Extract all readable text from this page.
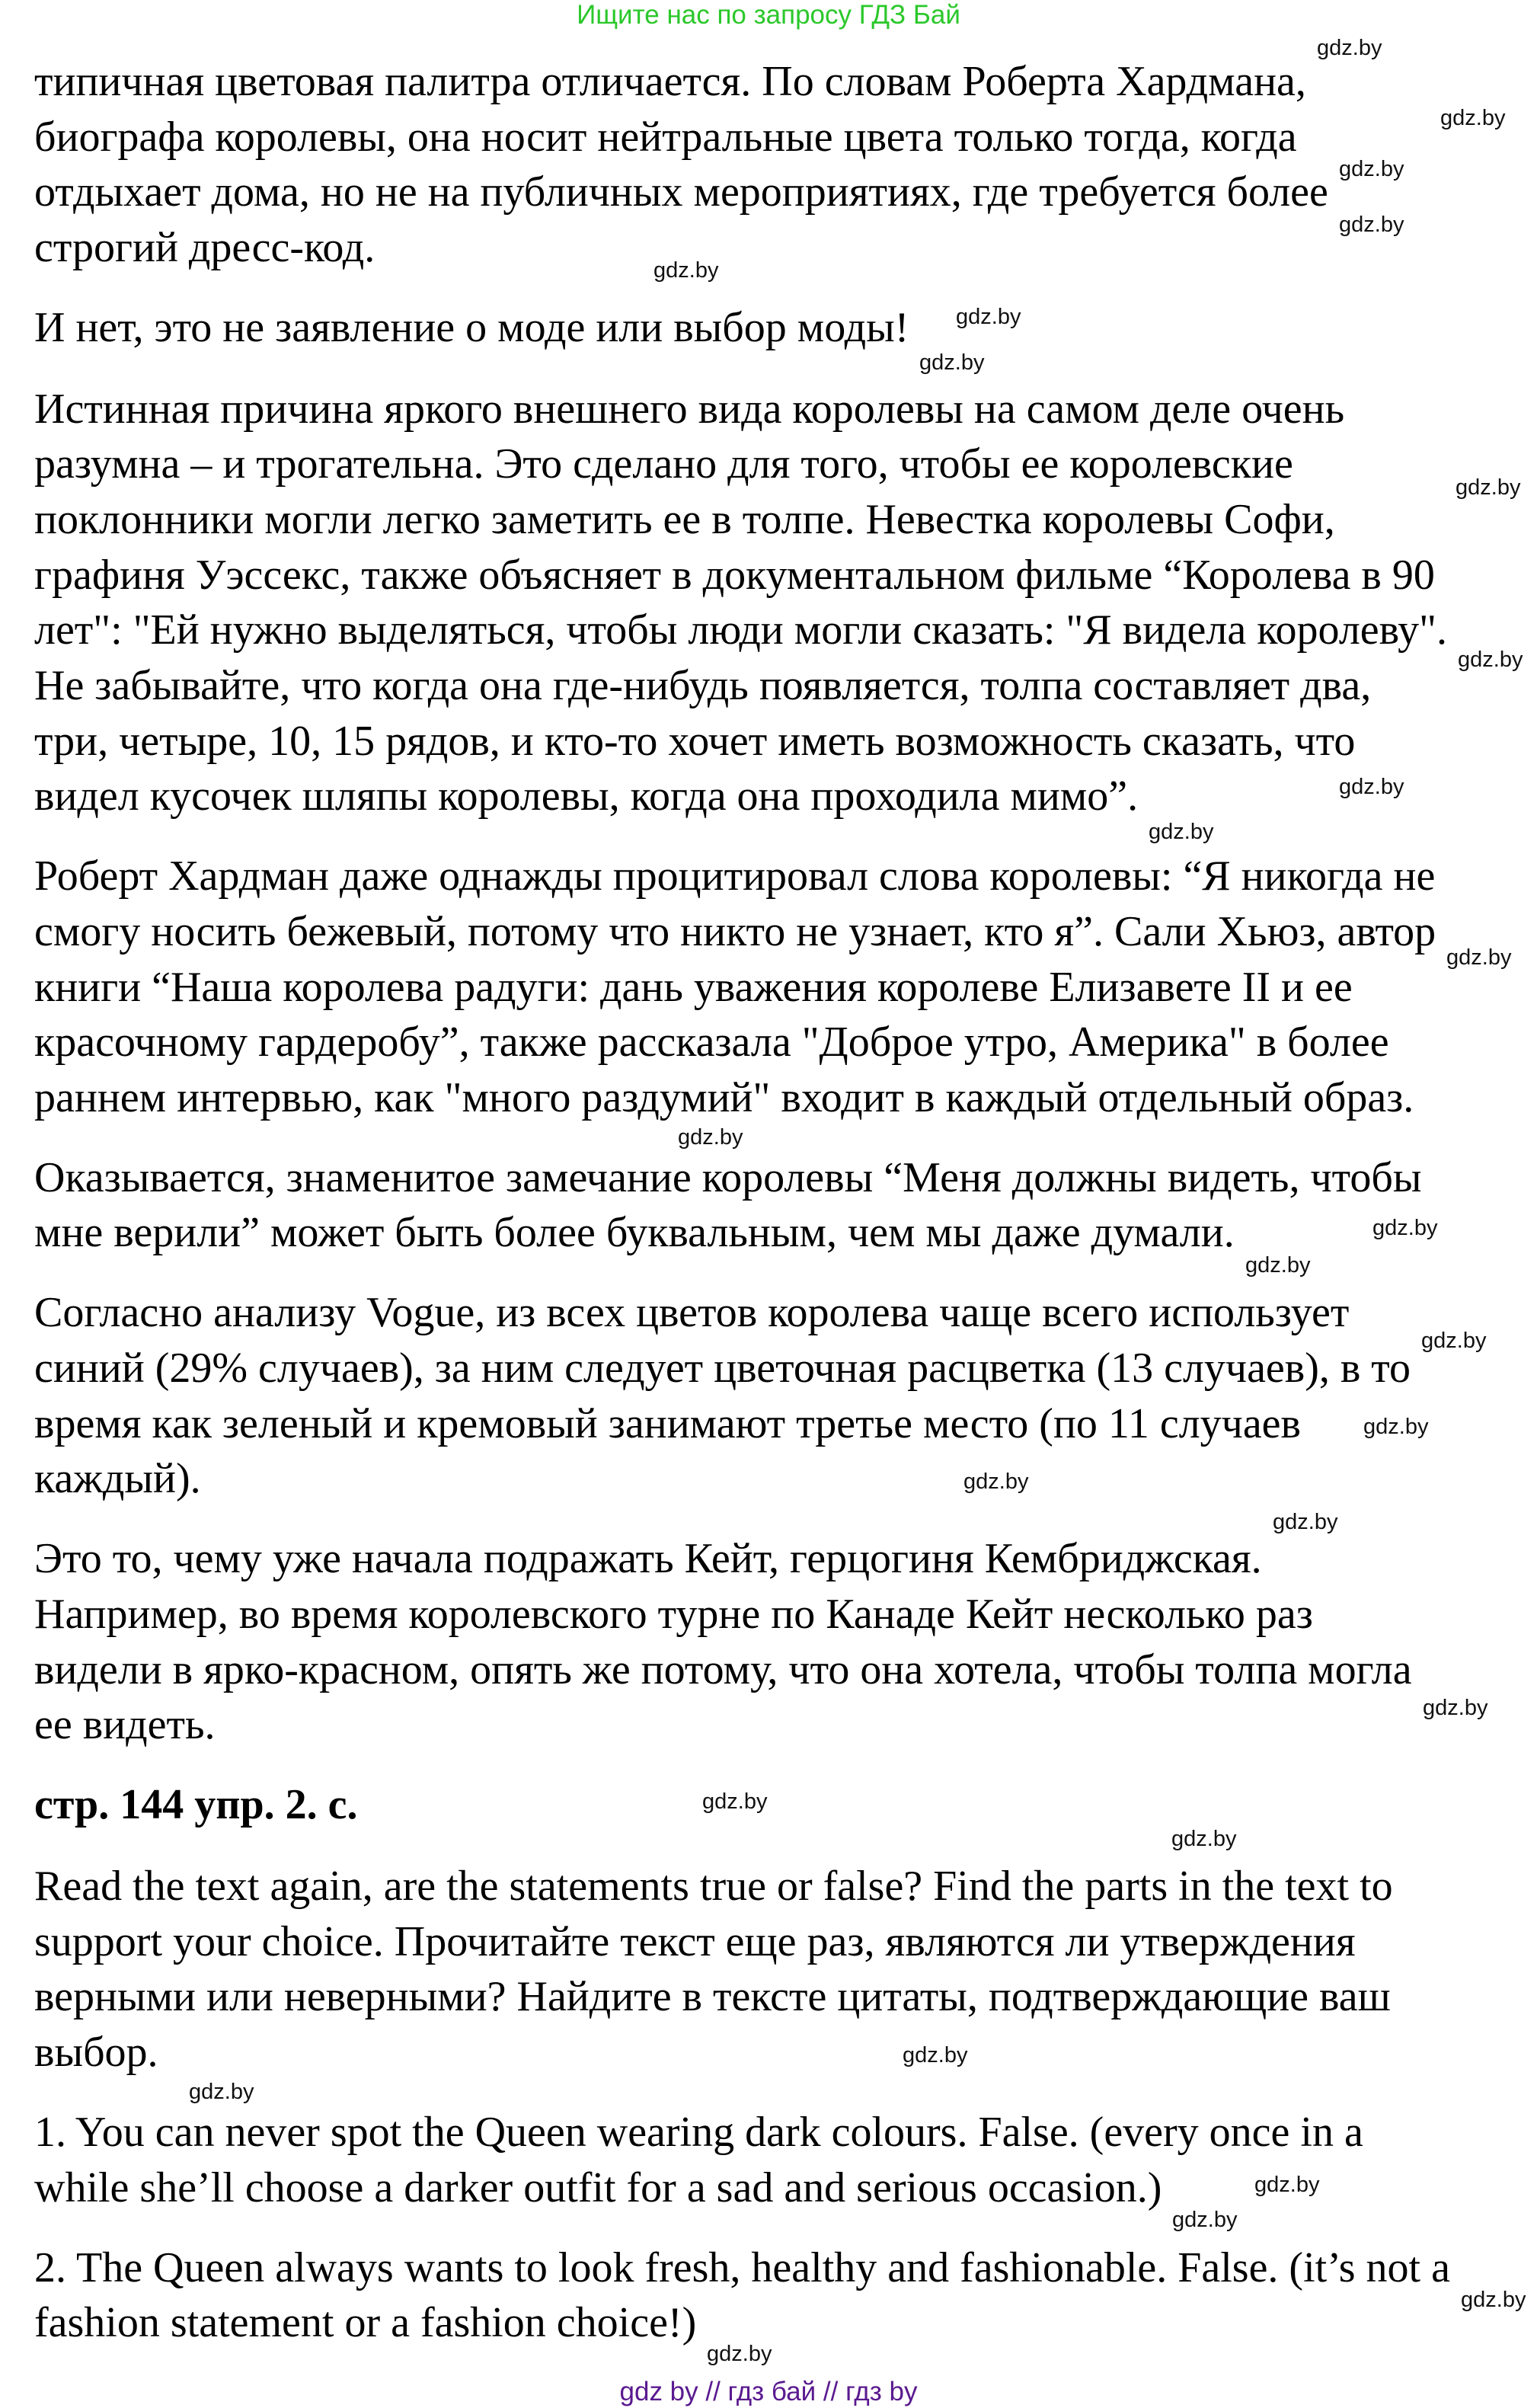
Ищите нас по запросу ГДЗ Бай
типичная цветовая палитра отличается. По словам Роберта Хардмана,
биографа королевы, она носит нейтральные цвета только тогда, когда
отдыхает дома, но не на публичных мероприятиях, где требуется более
строгий дресс-код.
И нет, это не заявление о моде или выбор моды!
Истинная причина яркого внешнего вида королевы на самом деле очень
разумна – и трогательна. Это сделано для того, чтобы ее королевские
поклонники могли легко заметить ее в толпе. Невестка королевы Софи,
графиня Уэссекс, также объясняет в документальном фильме “Королева в 90
лет": "Ей нужно выделяться, чтобы люди могли сказать: "Я видела королеву".
Не забывайте, что когда она где-нибудь появляется, толпа составляет два,
три, четыре, 10, 15 рядов, и кто-то хочет иметь возможность сказать, что
видел кусочек шляпы королевы, когда она проходила мимо”.
Роберт Хардман даже однажды процитировал слова королевы: “Я никогда не
смогу носить бежевый, потому что никто не узнает, кто я”. Сали Хьюз, автор
книги “Наша королева радуги: дань уважения королеве Елизавете II и ее
красочному гардеробу”, также рассказала "Доброе утро, Америка" в более
раннем интервью, как "много раздумий" входит в каждый отдельный образ.
Оказывается, знаменитое замечание королевы “Меня должны видеть, чтобы
мне верили” может быть более буквальным, чем мы даже думали.
Согласно анализу Vogue, из всех цветов королева чаще всего использует
синий (29% случаев), за ним следует цветочная расцветка (13 случаев), в то
время как зеленый и кремовый занимают третье место (по 11 случаев
каждый).
Это то, чему уже начала подражать Кейт, герцогиня Кембриджская.
Например, во время королевского турне по Канаде Кейт несколько раз
видели в ярко-красном, опять же потому, что она хотела, чтобы толпа могла
ее видеть.
стр. 144 упр. 2. c.
Read the text again, are the statements true or false? Find the parts in the text to
support your choice. Прочитайте текст еще раз, являются ли утверждения
верными или неверными? Найдите в тексте цитаты, подтверждающие ваш
выбор.
1. You can never spot the Queen wearing dark colours. False. (every once in a
while she’ll choose a darker outfit for a sad and serious occasion.)
2. The Queen always wants to look fresh, healthy and fashionable. False. (it’s not a
fashion statement or a fashion choice!)
gdz.by
gdz.by
gdz.by
gdz.by
gdz.by
gdz.by
gdz.by
gdz.by
gdz.by
gdz.by
gdz.by
gdz.by
gdz.by
gdz.by
gdz.by
gdz.by
gdz.by
gdz.by
gdz.by
gdz.by
gdz.by
gdz.by
gdz.by
gdz.by
gdz.by
gdz.by
gdz.by
gdz.by
gdz by // гдз бай // гдз by
